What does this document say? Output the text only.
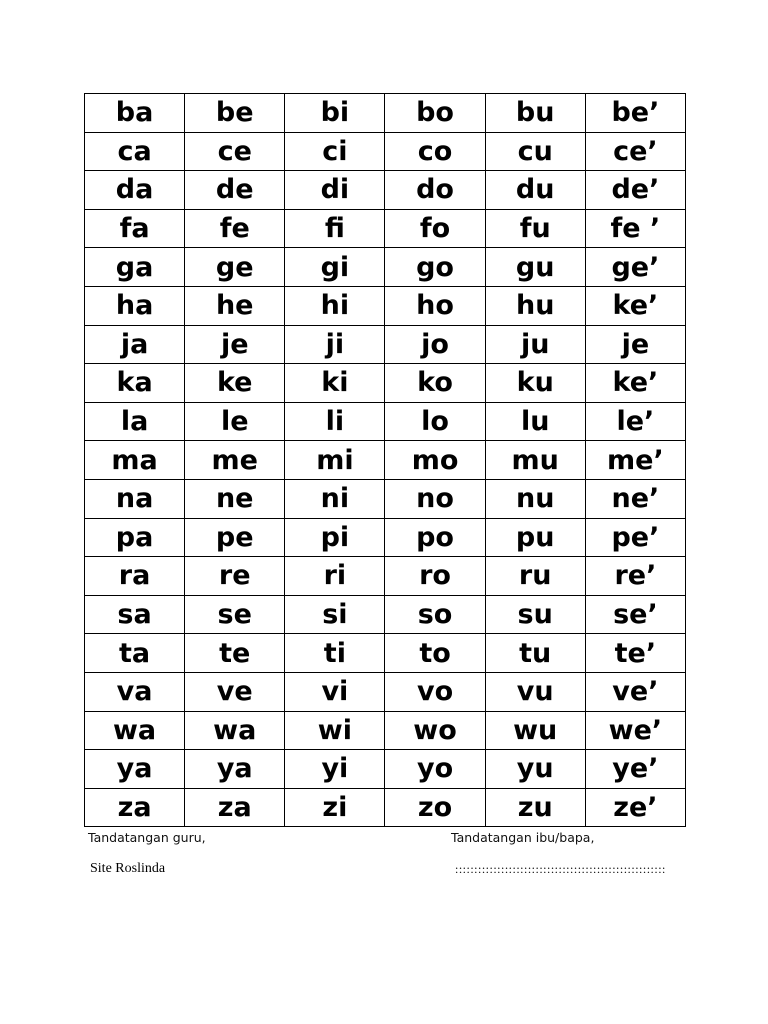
ba	be	bi	bo	bu	be’
ca	ce	ci	co	cu	ce’
da	de	di	do	du	de’
fa	fe	fi	fo	fu	fe ’
ga	ge	gi	go	gu	ge’
ha	he	hi	ho	hu	ke’
ja	je	ji	jo	ju	je
ka	ke	ki	ko	ku	ke’
la	le	li	lo	lu	le’
ma	me	mi	mo	mu	me’
na	ne	ni	no	nu	ne’
pa	pe	pi	po	pu	pe’
ra	re	ri	ro	ru	re’
sa	se	si	so	su	se’
ta	te	ti	to	tu	te’
va	ve	vi	vo	vu	ve’
wa	wa	wi	wo	wu	we’
ya	ya	yi	yo	yu	ye’
za	za	zi	zo	zu	ze’
Tandatangan guru,	Tandatangan ibu/bapa,
Site Roslinda	:::::::::::::::::::::::::::::::::::::::::::::::::::::::
